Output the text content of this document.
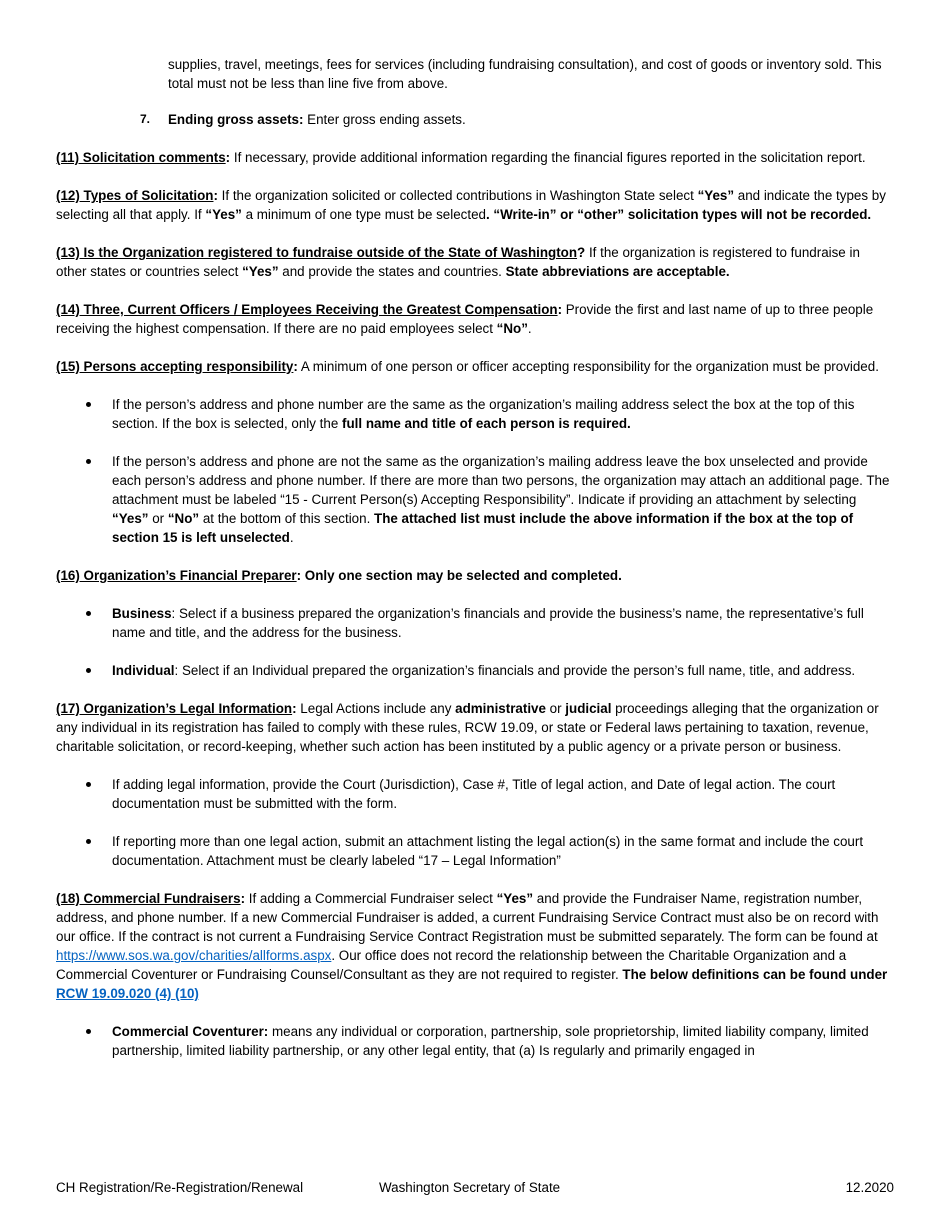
supplies, travel, meetings, fees for services (including fundraising consultation), and cost of goods or inventory sold. This total must not be less than line five from above.
7. Ending gross assets: Enter gross ending assets.
(11) Solicitation comments: If necessary, provide additional information regarding the financial figures reported in the solicitation report.
(12) Types of Solicitation: If the organization solicited or collected contributions in Washington State select “Yes” and indicate the types by selecting all that apply. If “Yes” a minimum of one type must be selected. “Write-in” or “other” solicitation types will not be recorded.
(13) Is the Organization registered to fundraise outside of the State of Washington? If the organization is registered to fundraise in other states or countries select “Yes” and provide the states and countries. State abbreviations are acceptable.
(14) Three, Current Officers / Employees Receiving the Greatest Compensation: Provide the first and last name of up to three people receiving the highest compensation. If there are no paid employees select “No”.
(15) Persons accepting responsibility: A minimum of one person or officer accepting responsibility for the organization must be provided.
If the person’s address and phone number are the same as the organization’s mailing address select the box at the top of this section. If the box is selected, only the full name and title of each person is required.
If the person’s address and phone are not the same as the organization’s mailing address leave the box unselected and provide each person’s address and phone number. If there are more than two persons, the organization may attach an additional page. The attachment must be labeled “15 - Current Person(s) Accepting Responsibility”. Indicate if providing an attachment by selecting “Yes” or “No” at the bottom of this section. The attached list must include the above information if the box at the top of section 15 is left unselected.
(16) Organization’s Financial Preparer: Only one section may be selected and completed.
Business: Select if a business prepared the organization’s financials and provide the business’s name, the representative’s full name and title, and the address for the business.
Individual: Select if an Individual prepared the organization’s financials and provide the person’s full name, title, and address.
(17) Organization’s Legal Information: Legal Actions include any administrative or judicial proceedings alleging that the organization or any individual in its registration has failed to comply with these rules, RCW 19.09, or state or Federal laws pertaining to taxation, revenue, charitable solicitation, or record-keeping, whether such action has been instituted by a public agency or a private person or business.
If adding legal information, provide the Court (Jurisdiction), Case #, Title of legal action, and Date of legal action. The court documentation must be submitted with the form.
If reporting more than one legal action, submit an attachment listing the legal action(s) in the same format and include the court documentation. Attachment must be clearly labeled “17 – Legal Information”
(18) Commercial Fundraisers: If adding a Commercial Fundraiser select “Yes” and provide the Fundraiser Name, registration number, address, and phone number. If a new Commercial Fundraiser is added, a current Fundraising Service Contract must also be on record with our office. If the contract is not current a Fundraising Service Contract Registration must be submitted separately. The form can be found at https://www.sos.wa.gov/charities/allforms.aspx. Our office does not record the relationship between the Charitable Organization and a Commercial Coventurer or Fundraising Counsel/Consultant as they are not required to register. The below definitions can be found under RCW 19.09.020 (4) (10)
Commercial Coventurer: means any individual or corporation, partnership, sole proprietorship, limited liability company, limited partnership, limited liability partnership, or any other legal entity, that (a) Is regularly and primarily engaged in
CH Registration/Re-Registration/Renewal	Washington Secretary of State	12.2020
